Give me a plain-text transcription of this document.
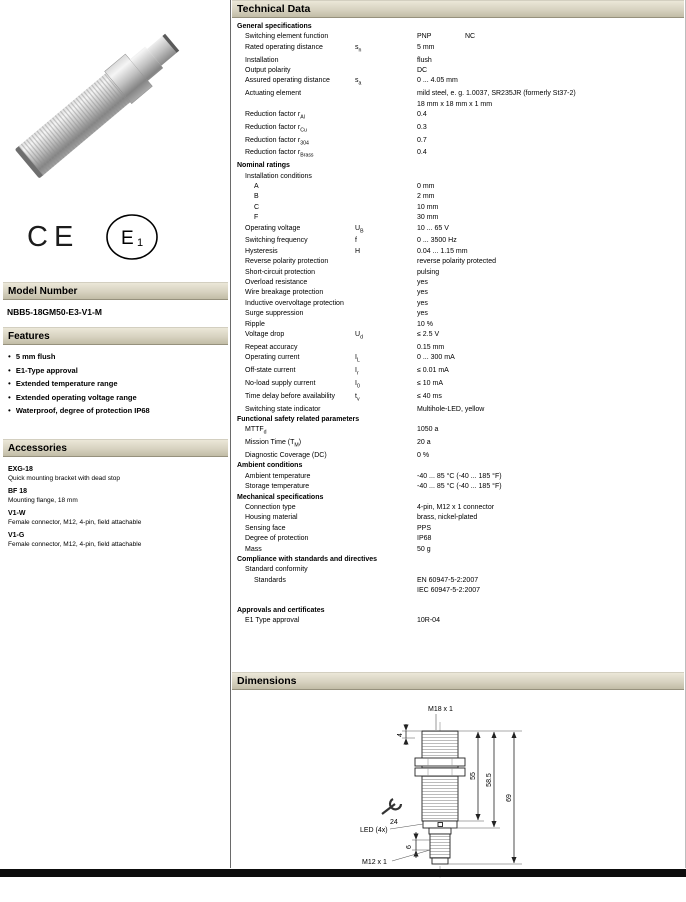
CE E 1
Model Number
NBB5-18GM50-E3-V1-M
Features
• 5 mm flush
• E1-Type approval
• Extended temperature range
• Extended operating voltage range
• Waterproof, degree of protection IP68
Accessories
EXG-18
Quick mounting bracket with dead stop
BF 18
Mounting flange, 18 mm
V1-W
Female connector, M12, 4-pin, field attachable
V1-G
Female connector, M12, 4-pin, field attachable
Technical Data
General specifications
Switching element function	PNP	NC
Rated operating distance	$s_n$	5 mm
Installation	flush
Output polarity	DC
Assured operating distance	$s_a$	0 ... 4.05 mm
Actuating element	mild steel, e. g. 1.0037, SR235JR (formerly St37-2)
18 mm x 18 mm x 1 mm
Reduction factor $r_{Al}$	0.4
Reduction factor $r_{Cu}$	0.3
Reduction factor $r_{304}$	0.7
Reduction factor $r_{Brass}$	0.4
Nominal ratings
Installation conditions
A	0 mm
B	2 mm
C	10 mm
F	30 mm
Operating voltage	$U_B$	10 ... 65 V
Switching frequency	f	0 ... 3500 Hz
Hysteresis	H	0.04 ... 1.15 mm
Reverse polarity protection	reverse polarity protected
Short-circuit protection	pulsing
Overload resistance	yes
Wire breakage protection	yes
Inductive overvoltage protection	yes
Surge suppression	yes
Ripple	10 %
Voltage drop	$U_d$	≤ 2.5 V
Repeat accuracy	0.15 mm
Operating current	$I_L$	0 ... 300 mA
Off-state current	$I_r$	≤ 0.01 mA
No-load supply current	$I_0$	≤ 10 mA
Time delay before availability	$t_v$	≤ 40 ms
Switching state indicator	Multihole-LED, yellow
Functional safety related parameters
$MTTF_d$	1050 a
Mission Time $(T_M)$	20 a
Diagnostic Coverage (DC)	0 %
Ambient conditions
Ambient temperature	-40 ... 85 °C (-40 ... 185 °F)
Storage temperature	-40 ... 85 °C (-40 ... 185 °F)
Mechanical specifications
Connection type	4-pin, M12 x 1 connector
Housing material	brass, nickel-plated
Sensing face	PPS
Degree of protection	IP68
Mass	50 g
Compliance with standards and directives
Standard conformity
Standards	EN 60947-5-2:2007
IEC 60947-5-2:2007
Approvals and certificates
E1 Type approval	10R-04
Dimensions
M18 x 1
4
24
55 58.5
69
LED (4x)
6
M12 x 1
